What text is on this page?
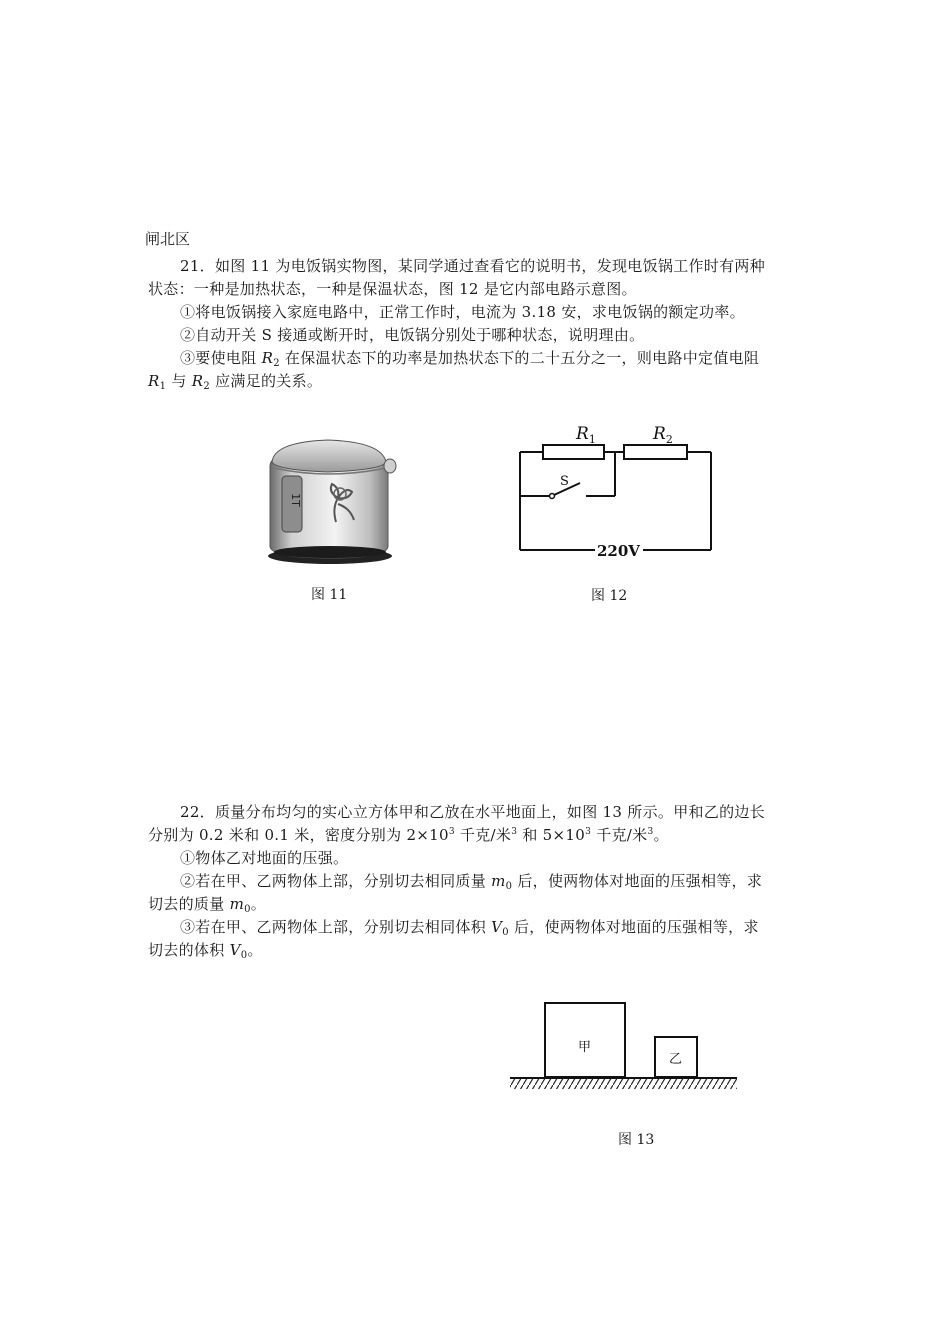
闸北区
21．如图 11 为电饭锅实物图，某同学通过查看它的说明书，发现电饭锅工作时有两种
状态：一种是加热状态，一种是保温状态，图 12 是它内部电路示意图。
①将电饭锅接入家庭电路中，正常工作时，电流为 3.18 安，求电饭锅的额定功率。
②自动开关 S 接通或断开时，电饭锅分别处于哪种状态，说明理由。
③要使电阻 $R_2$ 在保温状态下的功率是加热状态下的二十五分之一，则电路中定值电阻
$R_1$ 与 $R_2$ 应满足的关系。
1T
图 11
$R_1$	$R_2$
S
220V
图 12
22．质量分布均匀的实心立方体甲和乙放在水平地面上，如图 13 所示。甲和乙的边长
分别为 0.2 米和 0.1 米，密度分别为 $2\times 10^3$ 千克/米$^3$ 和 $5\times 10^3$ 千克/米$^3$。
①物体乙对地面的压强。
②若在甲、乙两物体上部，分别切去相同质量 $m_0$ 后，使两物体对地面的压强相等，求
切去的质量 $m_0$。
③若在甲、乙两物体上部，分别切去相同体积 $V_0$ 后，使两物体对地面的压强相等，求
切去的体积 $V_0$。
甲
乙
图 13
